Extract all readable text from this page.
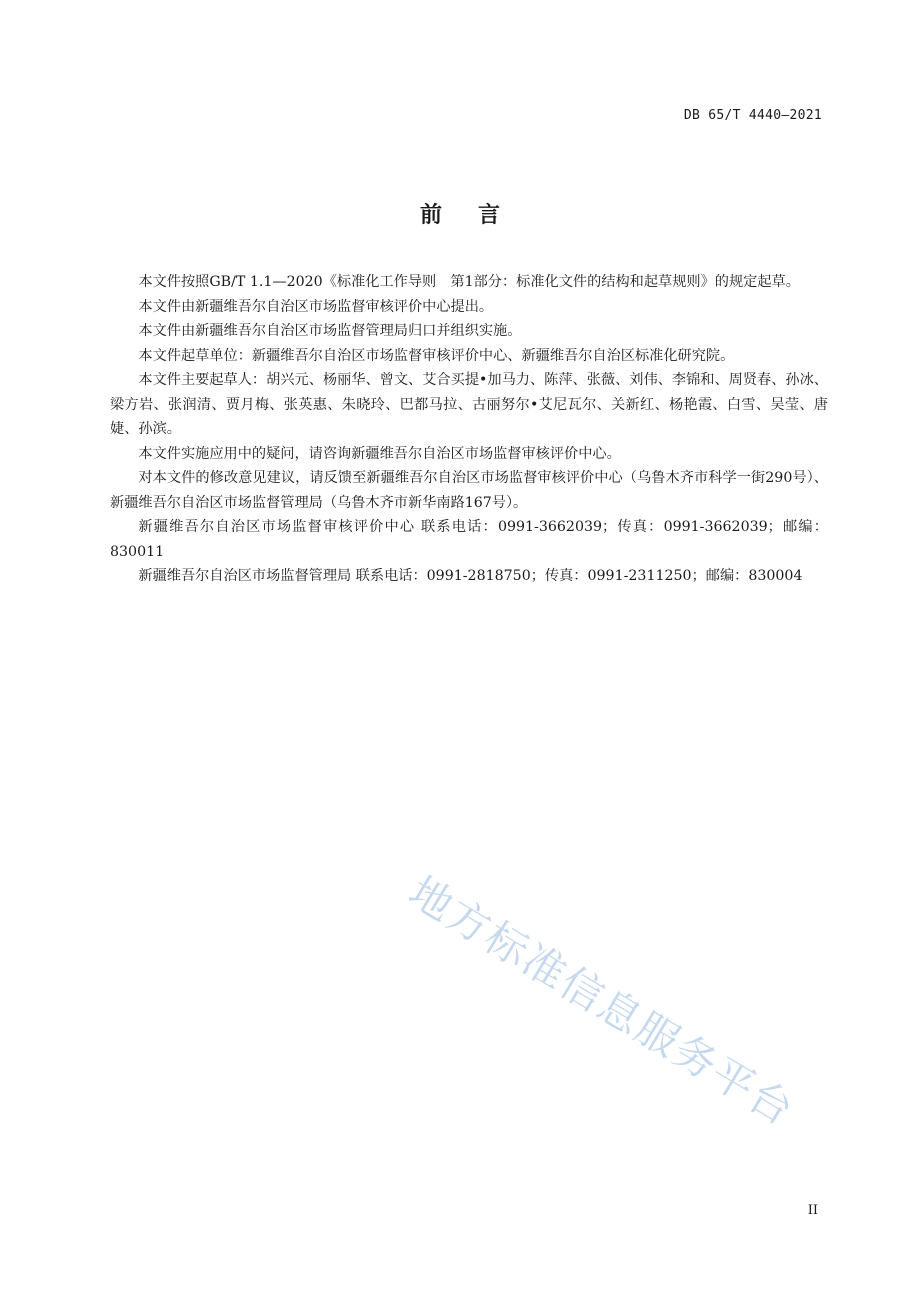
DB 65/T 4440—2021
前言

本文件按照GB/T 1.1—2020《标准化工作导则　第1部分：标准化文件的结构和起草规则》的规定起草。

本文件由新疆维吾尔自治区市场监督审核评价中心提出。

本文件由新疆维吾尔自治区市场监督管理局归口并组织实施。

本文件起草单位：新疆维吾尔自治区市场监督审核评价中心、新疆维吾尔自治区标准化研究院。

本文件主要起草人：胡兴元、杨丽华、曾文、艾合买提•加马力、陈萍、张薇、刘伟、李锦和、周贤春、孙冰、梁方岩、张润清、贾月梅、张英惠、朱晓玲、巴都马拉、古丽努尔•艾尼瓦尔、关新红、杨艳霞、白雪、吴莹、唐婕、孙滨。

本文件实施应用中的疑问，请咨询新疆维吾尔自治区市场监督审核评价中心。

对本文件的修改意见建议，请反馈至新疆维吾尔自治区市场监督审核评价中心（乌鲁木齐市科学一街290号）、新疆维吾尔自治区市场监督管理局（乌鲁木齐市新华南路167号）。

新疆维吾尔自治区市场监督审核评价中心 联系电话：0991-3662039；传真：0991-3662039；邮编：830011

新疆维吾尔自治区市场监督管理局 联系电话：0991-2818750；传真：0991-2311250；邮编：830004

地方标准信息服务平台
II
